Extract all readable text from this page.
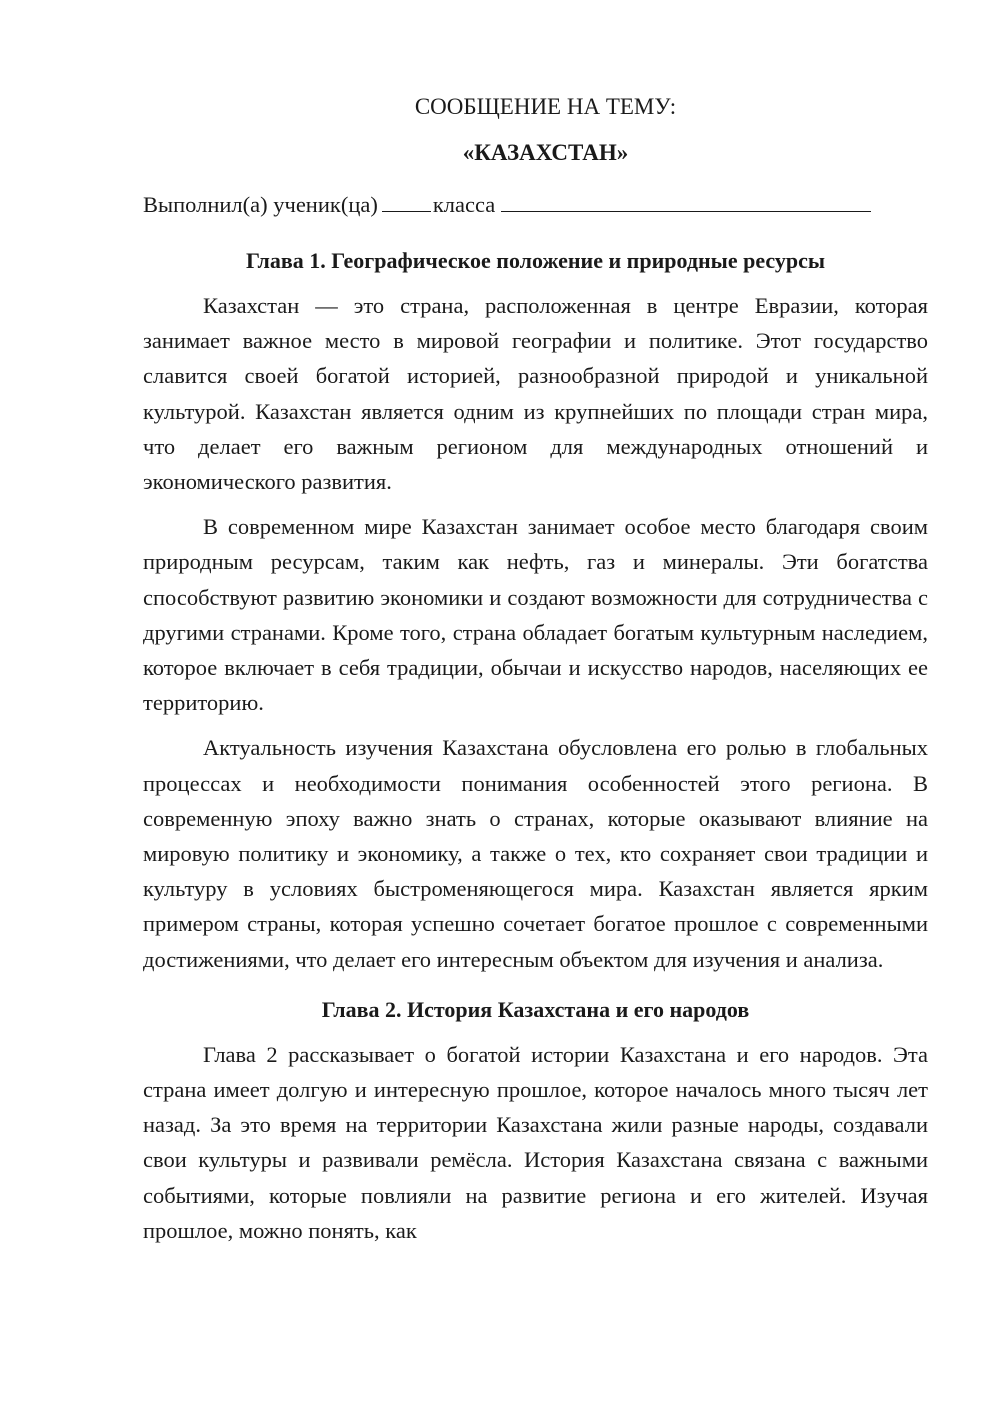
СООБЩЕНИЕ НА ТЕМУ:

«КАЗАХСТАН»

Выполнил(а) ученик(ца) класса

Глава 1. Географическое положение и природные ресурсы

Казахстан — это страна, расположенная в центре Евразии, которая занимает важное место в мировой географии и политике. Этот государство славится своей богатой историей, разнообразной природой и уникальной культурой. Казахстан является одним из крупнейших по площади стран мира, что делает его важным регионом для международных отношений и экономического развития.

В современном мире Казахстан занимает особое место благодаря своим природным ресурсам, таким как нефть, газ и минералы. Эти богатства способствуют развитию экономики и создают возможности для сотрудничества с другими странами. Кроме того, страна обладает богатым культурным наследием, которое включает в себя традиции, обычаи и искусство народов, населяющих ее территорию.

Актуальность изучения Казахстана обусловлена его ролью в глобальных процессах и необходимости понимания особенностей этого региона. В современную эпоху важно знать о странах, которые оказывают влияние на мировую политику и экономику, а также о тех, кто сохраняет свои традиции и культуру в условиях быстроменяющегося мира. Казахстан является ярким примером страны, которая успешно сочетает богатое прошлое с современными достижениями, что делает его интересным объектом для изучения и анализа.

Глава 2. История Казахстана и его народов

Глава 2 рассказывает о богатой истории Казахстана и его народов. Эта страна имеет долгую и интересную прошлое, которое началось много тысяч лет назад. За это время на территории Казахстана жили разные народы, создавали свои культуры и развивали ремёсла. История Казахстана связана с важными событиями, которые повлияли на развитие региона и его жителей. Изучая прошлое, можно понять, как
